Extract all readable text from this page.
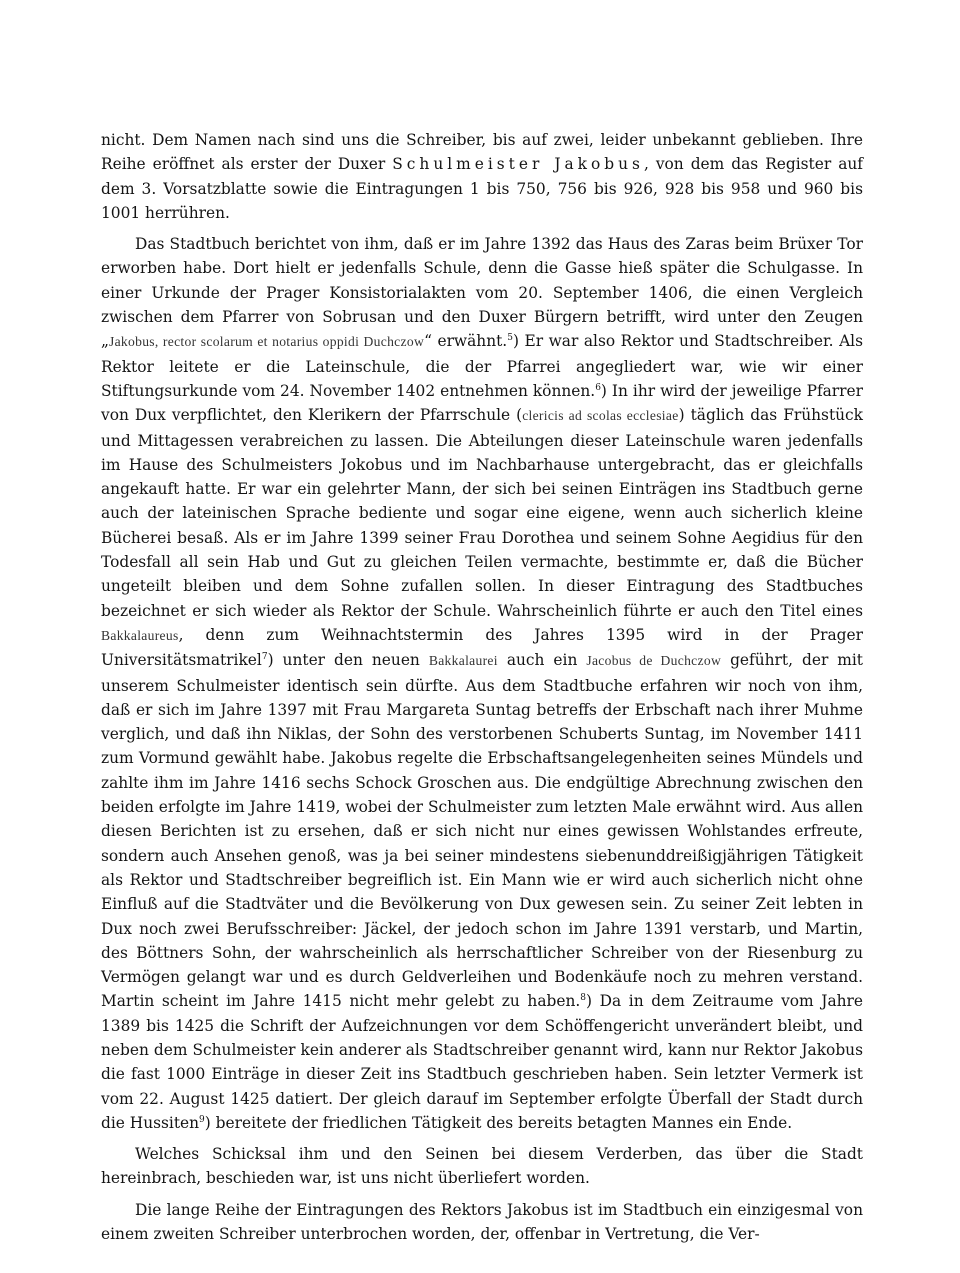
nicht. Dem Namen nach sind uns die Schreiber, bis auf zwei, leider unbekannt geblieben. Ihre Reihe eröffnet als erster der Duxer Schulmeister Jakobus, von dem das Register auf dem 3. Vorsatzblatte sowie die Eintragungen 1 bis 750, 756 bis 926, 928 bis 958 und 960 bis 1001 herrühren.

Das Stadtbuch berichtet von ihm, daß er im Jahre 1392 das Haus des Zaras beim Brüxer Tor erworben habe. Dort hielt er jedenfalls Schule, denn die Gasse hieß später die Schulgasse. In einer Urkunde der Prager Konsistorialakten vom 20. September 1406, die einen Vergleich zwischen dem Pfarrer von Sobrusan und den Duxer Bürgern betrifft, wird unter den Zeugen „Jakobus, rector scolarum et notarius oppidi Duchczow“ erwähnt.$^5$) Er war also Rektor und Stadtschreiber. Als Rektor leitete er die Lateinschule, die der Pfarrei angegliedert war, wie wir einer Stiftungsurkunde vom 24. November 1402 entnehmen können.$^6$) In ihr wird der jeweilige Pfarrer von Dux verpflichtet, den Klerikern der Pfarrschule (clericis ad scolas ecclesiae) täglich das Frühstück und Mittagessen verabreichen zu lassen. Die Abteilungen dieser Lateinschule waren jedenfalls im Hause des Schulmeisters Jokobus und im Nachbarhause untergebracht, das er gleichfalls angekauft hatte. Er war ein gelehrter Mann, der sich bei seinen Einträgen ins Stadtbuch gerne auch der lateinischen Sprache bediente und sogar eine eigene, wenn auch sicherlich kleine Bücherei besaß. Als er im Jahre 1399 seiner Frau Dorothea und seinem Sohne Aegidius für den Todesfall all sein Hab und Gut zu gleichen Teilen vermachte, bestimmte er, daß die Bücher ungeteilt bleiben und dem Sohne zufallen sollen. In dieser Eintragung des Stadtbuches bezeichnet er sich wieder als Rektor der Schule. Wahrscheinlich führte er auch den Titel eines Bakkalaureus, denn zum Weihnachtstermin des Jahres 1395 wird in der Prager Universitätsmatrikel$^7$) unter den neuen Bakkalaurei auch ein Jacobus de Duchczow geführt, der mit unserem Schulmeister identisch sein dürfte. Aus dem Stadtbuche erfahren wir noch von ihm, daß er sich im Jahre 1397 mit Frau Margareta Suntag betreffs der Erbschaft nach ihrer Muhme verglich, und daß ihn Niklas, der Sohn des verstorbenen Schuberts Suntag, im November 1411 zum Vormund gewählt habe. Jakobus regelte die Erbschaftsangelegenheiten seines Mündels und zahlte ihm im Jahre 1416 sechs Schock Groschen aus. Die endgültige Abrechnung zwischen den beiden erfolgte im Jahre 1419, wobei der Schulmeister zum letzten Male erwähnt wird. Aus allen diesen Berichten ist zu ersehen, daß er sich nicht nur eines gewissen Wohlstandes erfreute, sondern auch Ansehen genoß, was ja bei seiner mindestens siebenunddreißigjährigen Tätigkeit als Rektor und Stadtschreiber begreiflich ist. Ein Mann wie er wird auch sicherlich nicht ohne Einfluß auf die Stadtväter und die Bevölkerung von Dux gewesen sein. Zu seiner Zeit lebten in Dux noch zwei Berufsschreiber: Jäckel, der jedoch schon im Jahre 1391 verstarb, und Martin, des Böttners Sohn, der wahrscheinlich als herrschaftlicher Schreiber von der Riesenburg zu Vermögen gelangt war und es durch Geldverleihen und Bodenkäufe noch zu mehren verstand. Martin scheint im Jahre 1415 nicht mehr gelebt zu haben.$^8$) Da in dem Zeitraume vom Jahre 1389 bis 1425 die Schrift der Aufzeichnungen vor dem Schöffengericht unverändert bleibt, und neben dem Schulmeister kein anderer als Stadtschreiber genannt wird, kann nur Rektor Jakobus die fast 1000 Einträge in dieser Zeit ins Stadtbuch geschrieben haben. Sein letzter Vermerk ist vom 22. August 1425 datiert. Der gleich darauf im September erfolgte Überfall der Stadt durch die Hussiten$^9$) bereitete der friedlichen Tätigkeit des bereits betagten Mannes ein Ende.

Welches Schicksal ihm und den Seinen bei diesem Verderben, das über die Stadt hereinbrach, beschieden war, ist uns nicht überliefert worden.

Die lange Reihe der Eintragungen des Rektors Jakobus ist im Stadtbuch ein einzigesmal von einem zweiten Schreiber unterbrochen worden, der, offenbar in Vertretung, die Ver-
